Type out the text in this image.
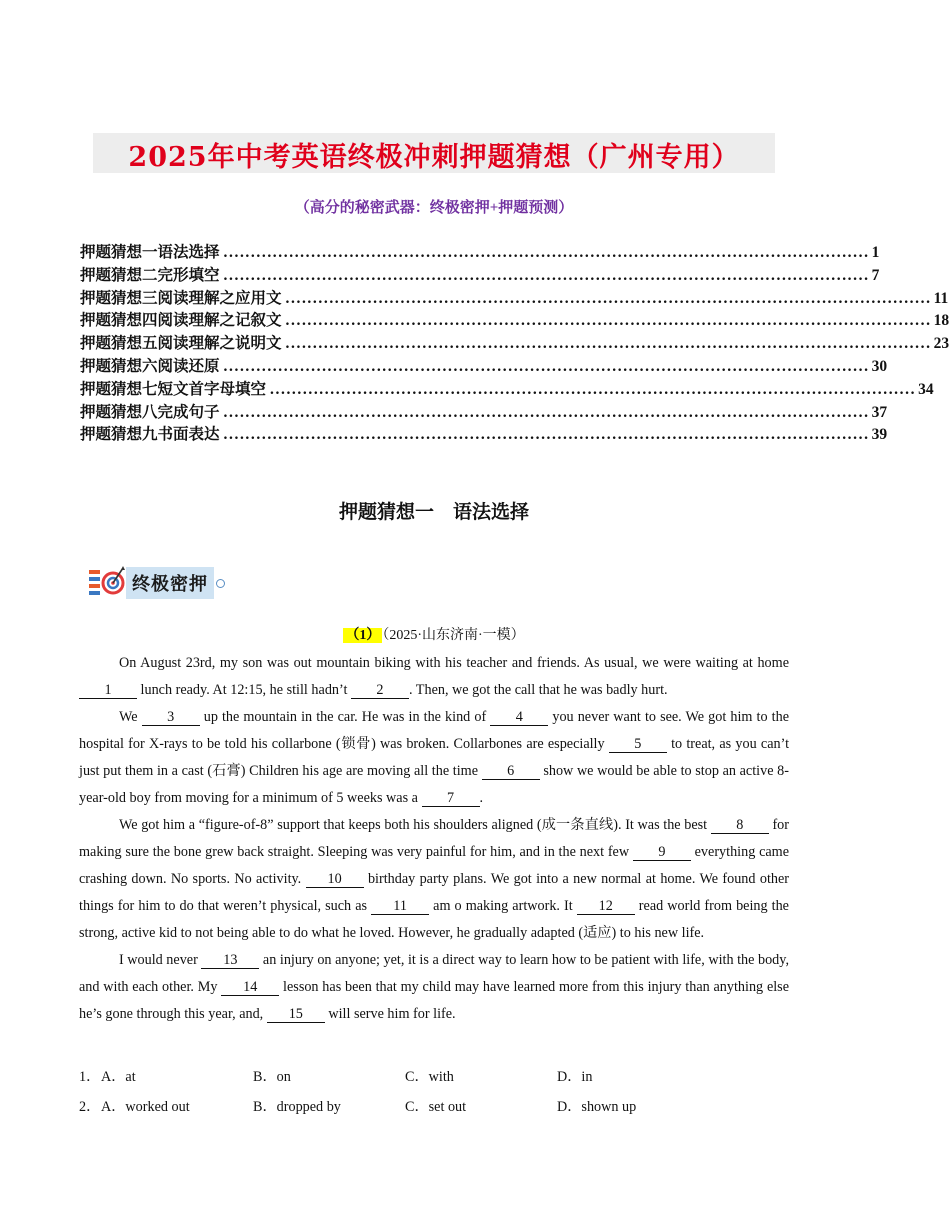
2025年中考英语终极冲刺押题猜想（广州专用）
（高分的秘密武器：终极密押+押题预测）
押题猜想一 语法选择 ...................................................................................................................... 1
押题猜想二 完形填空 ...................................................................................................................... 7
押题猜想三 阅读理解之应用文 ...................................................................................................................... 11
押题猜想四 阅读理解之记叙文 ...................................................................................................................... 18
押题猜想五 阅读理解之说明文 ...................................................................................................................... 23
押题猜想六 阅读还原 ...................................................................................................................... 30
押题猜想七 短文首字母填空 ...................................................................................................................... 34
押题猜想八 完成句子 ...................................................................................................................... 37
押题猜想九 书面表达 ...................................................................................................................... 39
押题猜想一　语法选择
终极密押
（1） （2025·山东济南·一模）

On August 23rd, my son was out mountain biking with his teacher and friends. As usual, we were waiting at home 1 lunch ready. At 12:15, he still hadn’t 2 . Then, we got the call that he was badly hurt.

We 3 up the mountain in the car. He was in the kind of 4 you never want to see. We got him to the hospital for X-rays to be told his collarbone (锁骨) was broken. Collarbones are especially 5 to treat, as you can’t just put them in a cast (石膏) Children his age are moving all the time 6 show we would be able to stop an active 8-year-old boy from moving for a minimum of 5 weeks was a 7 .

We got him a “figure-of-8” support that keeps both his shoulders aligned (成一条直线). It was the best 8 for making sure the bone grew back straight. Sleeping was very painful for him, and in the next few 9 everything came crashing down. No sports. No activity. 10 birthday party plans. We got into a new normal at home. We found other things for him to do that weren’t physical, such as 11 am o making artwork. It 12 read world from being the strong, active kid to not being able to do what he loved. However, he gradually adapted (适应) to his new life.

I would never 13 an injury on anyone; yet, it is a direct way to learn how to be patient with life, with the body, and with each other. My 14 lesson has been that my child may have learned more from this injury than anything else he’s gone through this year, and, 15 will serve him for life.

1． A．at	B．on	C．with	D．in
2． A．worked out	B．dropped by	C．set out	D．shown up
